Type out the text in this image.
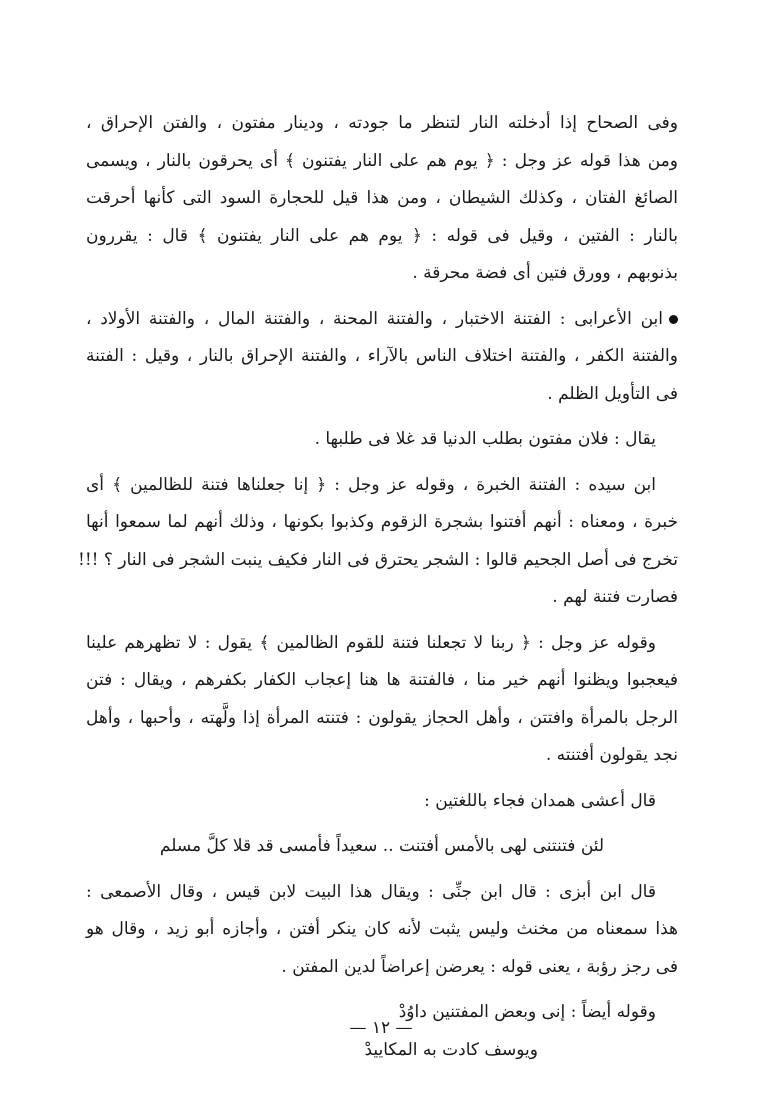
وفى الصحاح إذا أدخلته النار لتنظر ما جودته ، ودينار مفتون ، والفتن الإحراق ،
ومن هذا قوله عز وجل : ﴿ يوم هم على النار يفتنون ﴾ أى يحرقون بالنار ، ويسمى
الصائغ الفتان ، وكذلك الشيطان ، ومن هذا قيل للحجارة السود التى كأنها أحرقت
بالنار : الفتين ، وقيل فى قوله : ﴿ يوم هم على النار يفتنون ﴾ قال : يقررون
بذنوبهم ، وورق فتين أى فضة محرقة .
ابن الأعرابى : الفتنة الاختبار ، والفتنة المحنة ، والفتنة المال ، والفتنة الأولاد ،
والفتنة الكفر ، والفتنة اختلاف الناس بالآراء ، والفتنة الإحراق بالنار ، وقيل : الفتنة
فى التأويل الظلم .
يقال : فلان مفتون بطلب الدنيا قد غلا فى طلبها .
ابن سيده : الفتنة الخبرة ، وقوله عز وجل : ﴿ إنا جعلناها فتنة للظالمين ﴾ أى
خبرة ، ومعناه : أنهم أفتنوا بشجرة الزقوم وكذبوا بكونها ، وذلك أنهم لما سمعوا أنها
تخرج فى أصل الجحيم قالوا : الشجر يحترق فى النار فكيف ينبت الشجر فى النار ؟ !!!
فصارت فتنة لهم .
وقوله عز وجل : ﴿ ربنا لا تجعلنا فتنة للقوم الظالمين ﴾ يقول : لا تظهرهم علينا
فيعجبوا ويظنوا أنهم خير منا ، فالفتنة ها هنا إعجاب الكفار بكفرهم ، ويقال : فتن
الرجل بالمرأة وافتتن ، وأهل الحجاز يقولون : فتنته المرأة إذا ولَّهته ، وأحبها ، وأهل
نجد يقولون أفتنته .
قال أعشى همدان فجاء باللغتين :
لئن فتنتنى لهى بالأمس أفتنت .. سعيداً فأمسى قد قلا كلَّ مسلم
قال ابن أبزى : قال ابن جنِّى : ويقال هذا البيت لابن قيس ، وقال الأصمعى :
هذا سمعناه من مخنث وليس يثبت لأنه كان ينكر أفتن ، وأجازه أبو زيد ، وقال هو
فى رجز رؤبة ، يعنى قوله : يعرضن إعراضاً لدين المفتن .
وقوله أيضاً : إنى وبعض المفتنين داوُدْ
ويوسف كادت به المكاييدْ
— ١٢ —
